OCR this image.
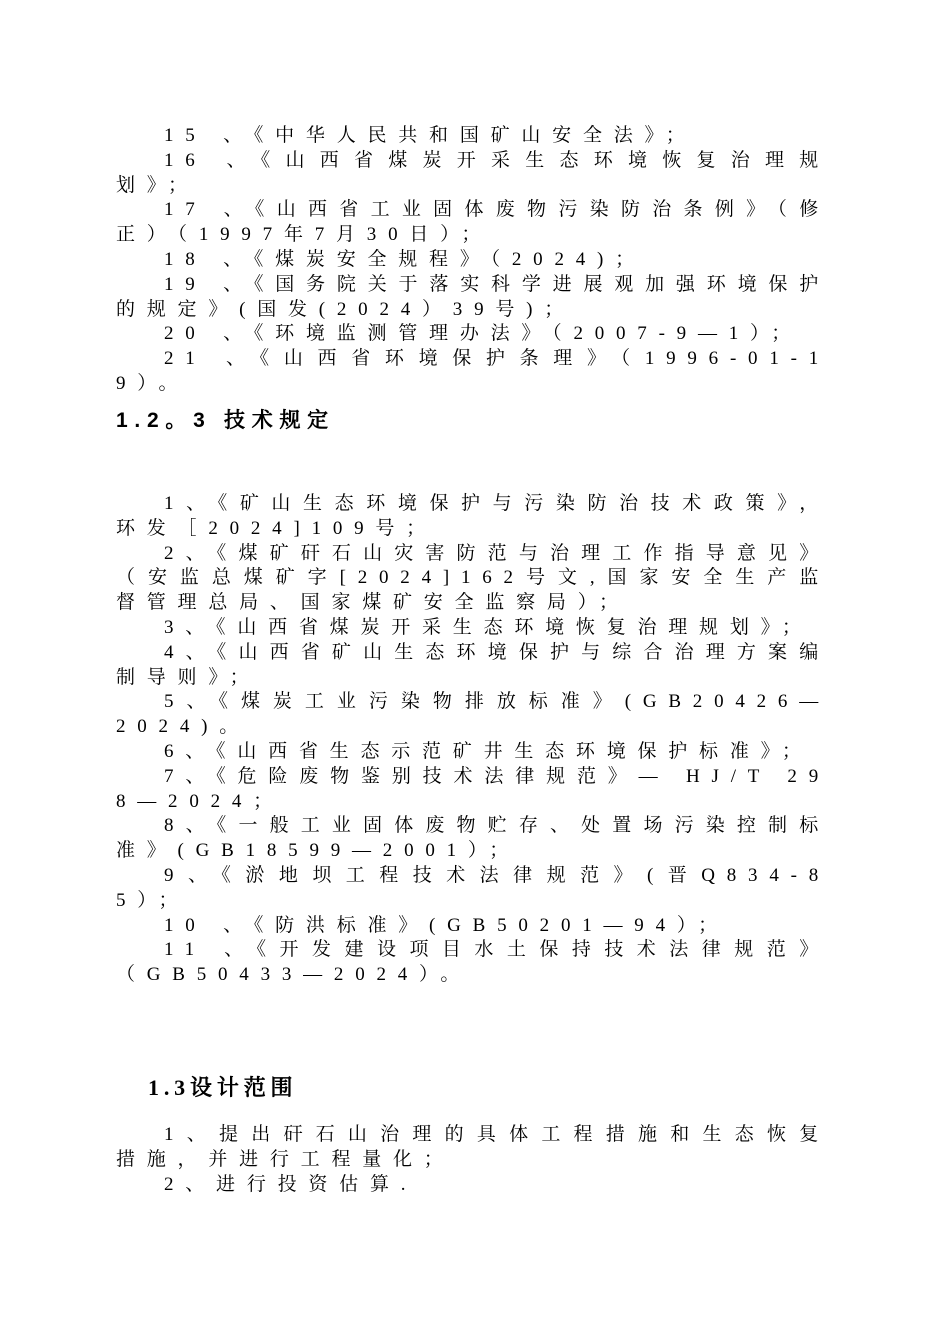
15 、《中华人民共和国矿山安全法》；

16 、《山西省煤炭开采生态环境恢复治理规划》；

17 、《山西省工业固体废物污染防治条例》（修正）（1997年7月30日）；

18 、《煤炭安全规程》（2024)；

19 、《国务院关于落实科学进展观加强环境保护的规定》(国发(2024）39号)；

20 、《环境监测管理办法》（2007-9—1）；

21 、《山西省环境保护条理》（1996-01-19）。

1.2。3 技术规定

1、《矿山生态环境保护与污染防治技术政策》，环发［2024]109号；

2、《煤矿矸石山灾害防范与治理工作指导意见》（安监总煤矿字[2024]162号文,国家安全生产监督管理总局、国家煤矿安全监察局）；

3、《山西省煤炭开采生态环境恢复治理规划》；

4、《山西省矿山生态环境保护与综合治理方案编制导则》；

5、《煤炭工业污染物排放标准》(GB20426—2024)。

6、《山西省生态示范矿井生态环境保护标准》；

7、《危险废物鉴别技术法律规范》— HJ/T 298—2024；

8、《一般工业固体废物贮存、处置场污染控制标准》(GB18599—2001）；

9、《淤地坝工程技术法律规范》(晋Q834-85）；

10 、《防洪标准》(GB50201—94）；

11 、《开发建设项目水土保持技术法律规范》（GB50433—2024）。

1.3设计范围

1、提出矸石山治理的具体工程措施和生态恢复措施，并进行工程量化；

2、进行投资估算.
